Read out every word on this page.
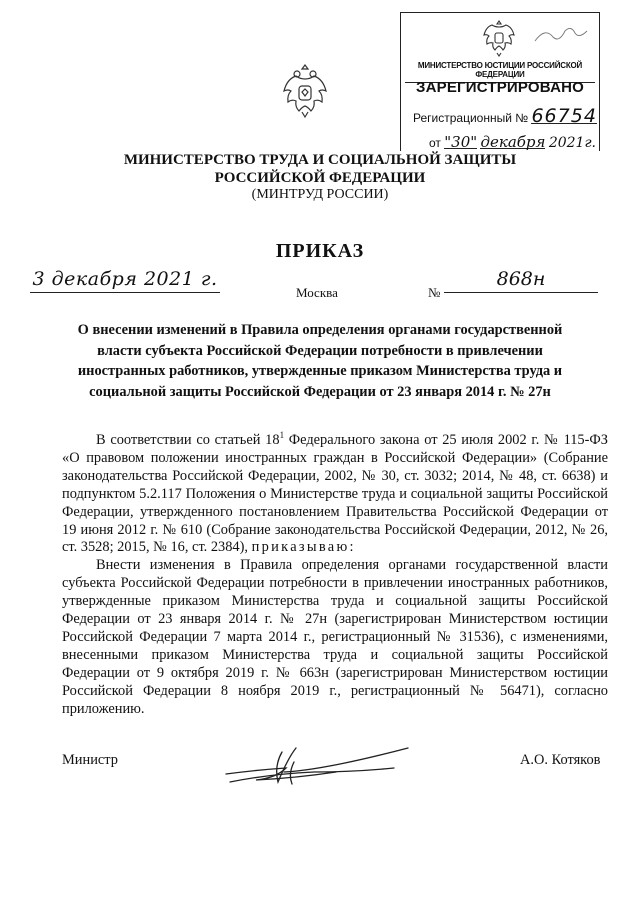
МИНИСТЕРСТВО ЮСТИЦИИ РОССИЙСКОЙ ФЕДЕРАЦИИ
ЗАРЕГИСТРИРОВАНО
Регистрационный № 66754
от "30" декабря 2021г.
МИНИСТЕРСТВО ТРУДА И СОЦИАЛЬНОЙ ЗАЩИТЫ
РОССИЙСКОЙ ФЕДЕРАЦИИ
(МИНТРУД РОССИИ)
ПРИКАЗ
3 декабря 2021 г.
Москва	№
868н
О внесении изменений в Правила определения органами государственной
власти субъекта Российской Федерации потребности в привлечении
иностранных работников, утвержденные приказом Министерства труда и
социальной защиты Российской Федерации от 23 января 2014 г. № 27н

В соответствии со статьей $18^1$ Федерального закона от 25 июля 2002 г. № 115-ФЗ «О правовом положении иностранных граждан в Российской Федерации» (Собрание законодательства Российской Федерации, 2002, № 30, ст. 3032; 2014, № 48, ст. 6638) и подпунктом 5.2.117 Положения о Министерстве труда и социальной защиты Российской Федерации, утвержденного постановлением Правительства Российской Федерации от 19 июня 2012 г. № 610 (Собрание законодательства Российской Федерации, 2012, № 26, ст. 3528; 2015, № 16, ст. 2384), приказываю:

Внести изменения в Правила определения органами государственной власти субъекта Российской Федерации потребности в привлечении иностранных работников, утвержденные приказом Министерства труда и социальной защиты Российской Федерации от 23 января 2014 г. № 27н (зарегистрирован Министерством юстиции Российской Федерации 7 марта 2014 г., регистрационный № 31536), с изменениями, внесенными приказом Министерства труда и социальной защиты Российской Федерации от 9 октября 2019 г. № 663н (зарегистрирован Министерством юстиции Российской Федерации 8 ноября 2019 г., регистрационный № 56471), согласно приложению.

Министр	А.О. Котяков
